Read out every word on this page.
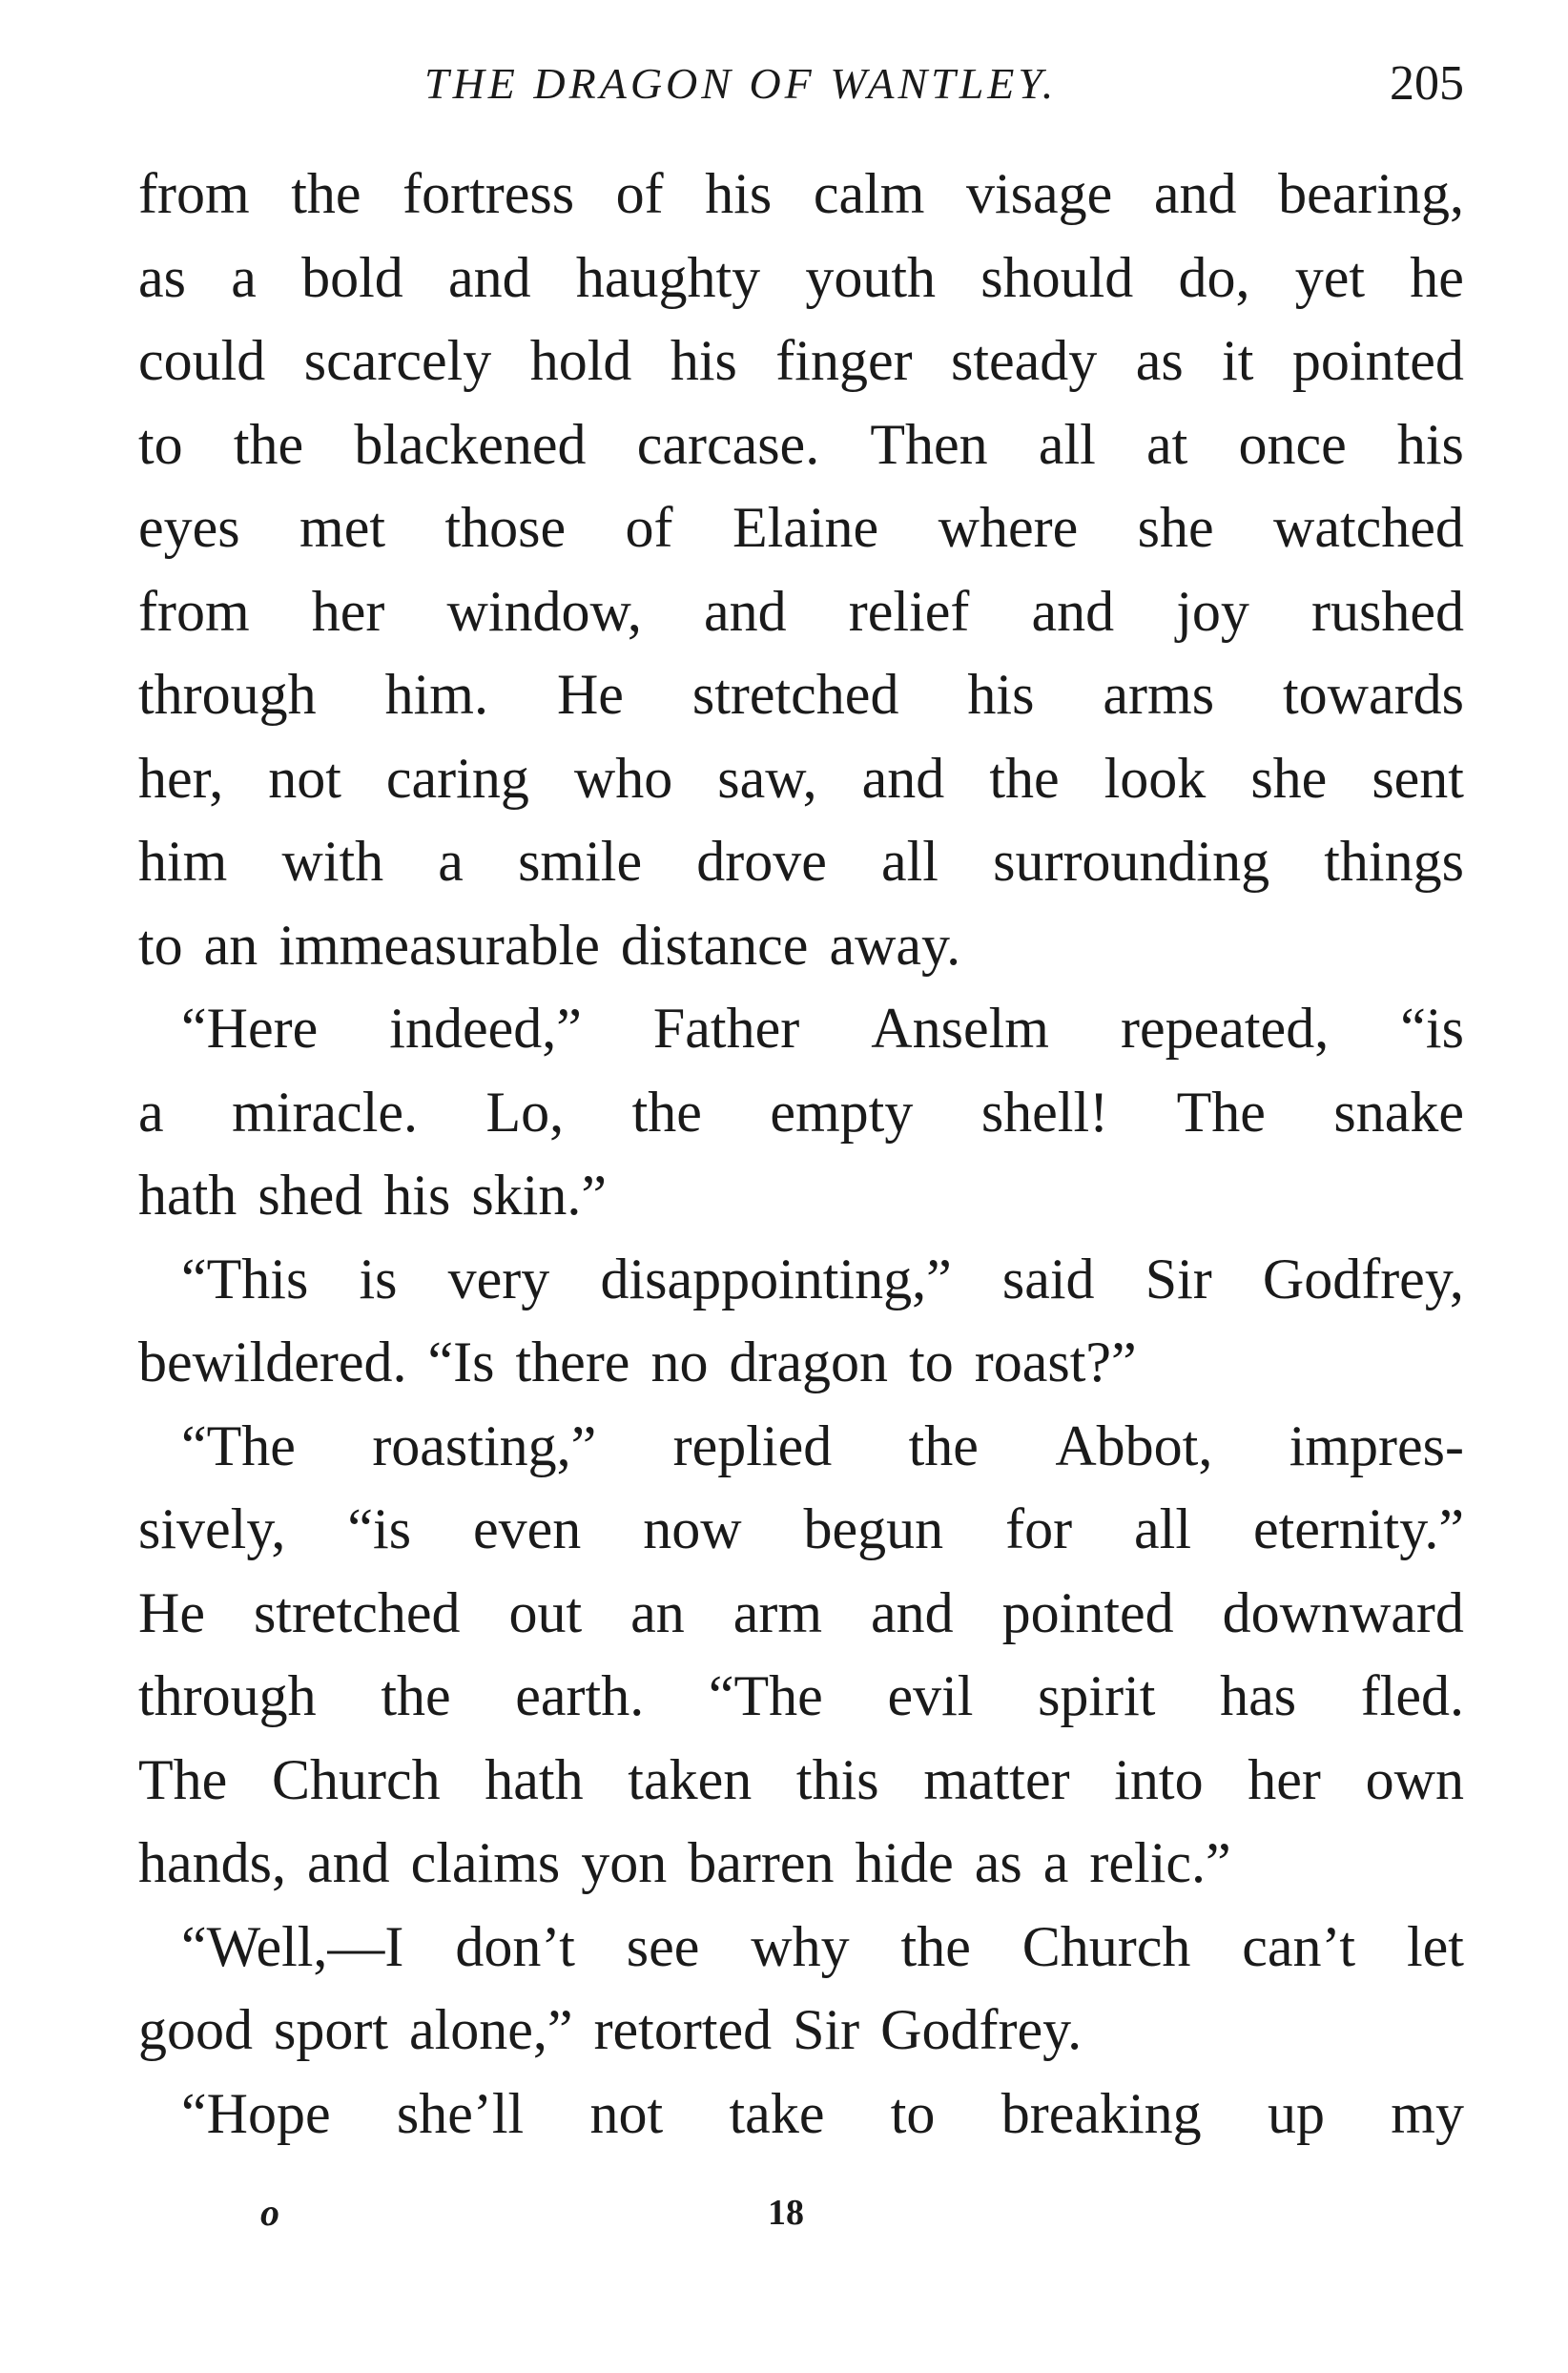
THE DRAGON OF WANTLEY.	205
from the fortress of his calm visage and bearing,
as a bold and haughty youth should do, yet he
could scarcely hold his finger steady as it pointed
to the blackened carcase. Then all at once his
eyes met those of Elaine where she watched
from her window, and relief and joy rushed
through him. He stretched his arms towards
her, not caring who saw, and the look she sent
him with a smile drove all surrounding things
to an immeasurable distance away.
“Here indeed,” Father Anselm repeated, “is
a miracle. Lo, the empty shell! The snake
hath shed his skin.”
“This is very disappointing,” said Sir Godfrey,
bewildered. “Is there no dragon to roast?”
“The roasting,” replied the Abbot, impres-
sively, “is even now begun for all eternity.”
He stretched out an arm and pointed downward
through the earth. “The evil spirit has fled.
The Church hath taken this matter into her own
hands, and claims yon barren hide as a relic.”
“Well,—I don’t see why the Church can’t let
good sport alone,” retorted Sir Godfrey.
“Hope she’ll not take to breaking up my
o	18
